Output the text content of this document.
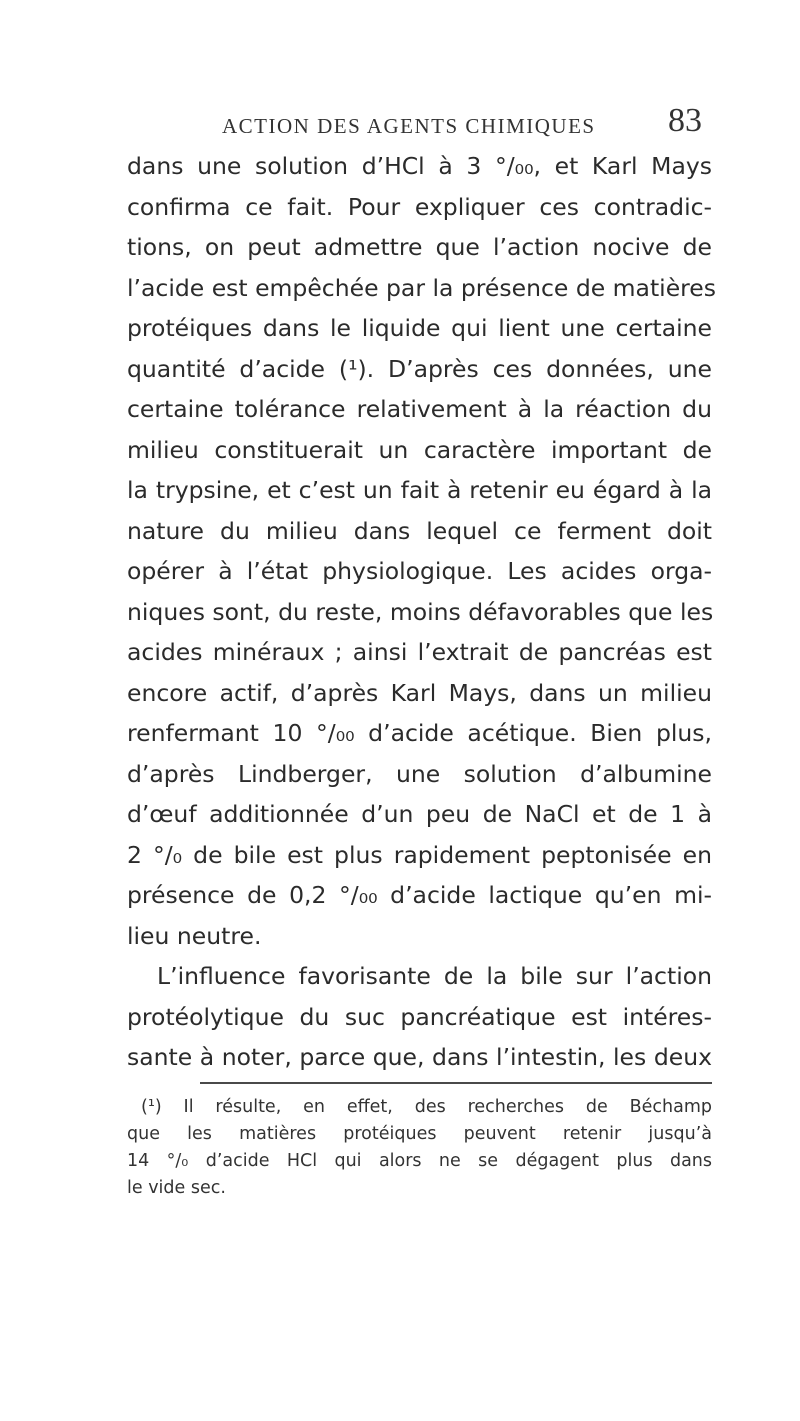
ACTION DES AGENTS CHIMIQUES 83
dans une solution d’HCl à 3 °/₀₀, et Karl Mays
confirma ce fait. Pour expliquer ces contradic-
tions, on peut admettre que l’action nocive de
l’acide est empêchée par la présence de matières
protéiques dans le liquide qui lient une certaine
quantité d’acide (¹). D’après ces données, une
certaine tolérance relativement à la réaction du
milieu constituerait un caractère important de
la trypsine, et c’est un fait à retenir eu égard à la
nature du milieu dans lequel ce ferment doit
opérer à l’état physiologique. Les acides orga-
niques sont, du reste, moins défavorables que les
acides minéraux ; ainsi l’extrait de pancréas est
encore actif, d’après Karl Mays, dans un milieu
renfermant 10 °/₀₀ d’acide acétique. Bien plus,
d’après Lindberger, une solution d’albumine
d’œuf additionnée d’un peu de NaCl et de 1 à
2 °/₀ de bile est plus rapidement peptonisée en
présence de 0,2 °/₀₀ d’acide lactique qu’en mi-
lieu neutre.
L’influence favorisante de la bile sur l’action
protéolytique du suc pancréatique est intéres-
sante à noter, parce que, dans l’intestin, les deux
(¹) Il résulte, en effet, des recherches de Béchamp
que les matières protéiques peuvent retenir jusqu’à
14 °/₀ d’acide HCl qui alors ne se dégagent plus dans
le vide sec.
